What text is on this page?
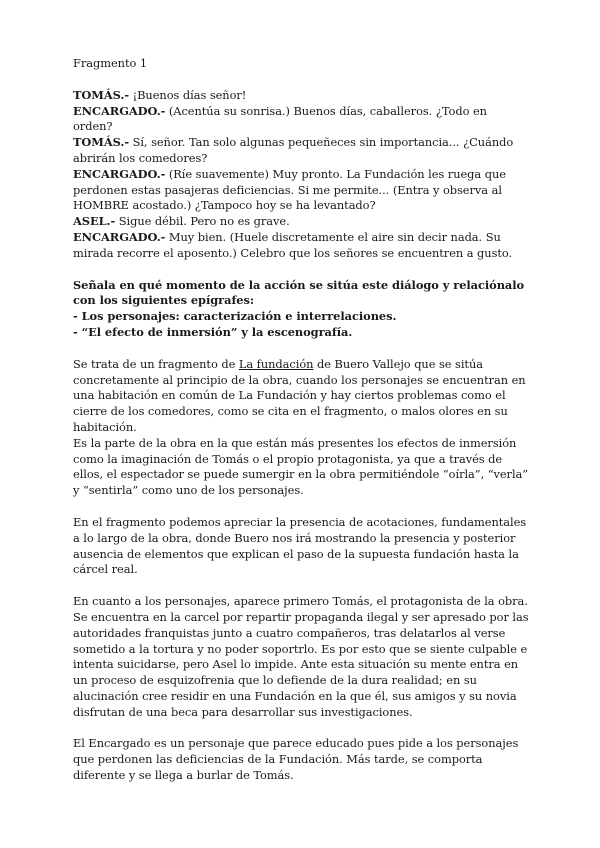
Fragmento 1

TOMÁS.- ¡Buenos días señor!

ENCARGADO.- (Acentúa su sonrisa.) Buenos días, caballeros. ¿Todo en orden?

TOMÁS.- Sí, señor. Tan solo algunas pequeñeces sin importancia... ¿Cuándo abrirán los comedores?

ENCARGADO.- (Ríe suavemente) Muy pronto. La Fundación les ruega que perdonen estas pasajeras deficiencias. Si me permite... (Entra y observa al HOMBRE acostado.) ¿Tampoco hoy se ha levantado?

ASEL.- Sigue débil. Pero no es grave.

ENCARGADO.- Muy bien. (Huele discretamente el aire sin decir nada. Su mirada recorre el aposento.) Celebro que los señores se encuentren a gusto.

Señala en qué momento de la acción se sitúa este diálogo y relaciónalo con los siguientes epígrafes:
- Los personajes: caracterización e interrelaciones.
- “El efecto de inmersión” y la escenografía.
Se trata de un fragmento de La fundación de Buero Vallejo que se sitúa concretamente al principio de la obra, cuando los personajes se encuentran en una habitación en común de La Fundación y hay ciertos problemas como el cierre de los comedores, como se cita en el fragmento, o malos olores en su habitación.
Es la parte de la obra en la que están más presentes los efectos de inmersión como la imaginación de Tomás o el propio protagonista, ya que a través de ellos, el espectador se puede sumergir en la obra permitiéndole “oírla”, “verla” y “sentirla” como uno de los personajes.

En el fragmento podemos apreciar la presencia de acotaciones, fundamentales a lo largo de la obra, donde Buero nos irá mostrando la presencia y posterior ausencia de elementos que explican el paso de la supuesta fundación hasta la cárcel real.

En cuanto a los personajes, aparece primero Tomás, el protagonista de la obra. Se encuentra en la carcel por repartir propaganda ilegal y ser apresado por las autoridades franquistas junto a cuatro compañeros, tras delatarlos al verse sometido a la tortura y no poder soportrlo. Es por esto que se siente culpable e intenta suicidarse, pero Asel lo impide. Ante esta situación su mente entra en un proceso de esquizofrenia que lo defiende de la dura realidad; en su alucinación cree residir en una Fundación en la que él, sus amigos y su novia disfrutan de una beca para desarrollar sus investigaciones.

El Encargado es un personaje que parece educado pues pide a los personajes que perdonen las deficiencias de la Fundación. Más tarde, se comporta diferente y se llega a burlar de Tomás.
